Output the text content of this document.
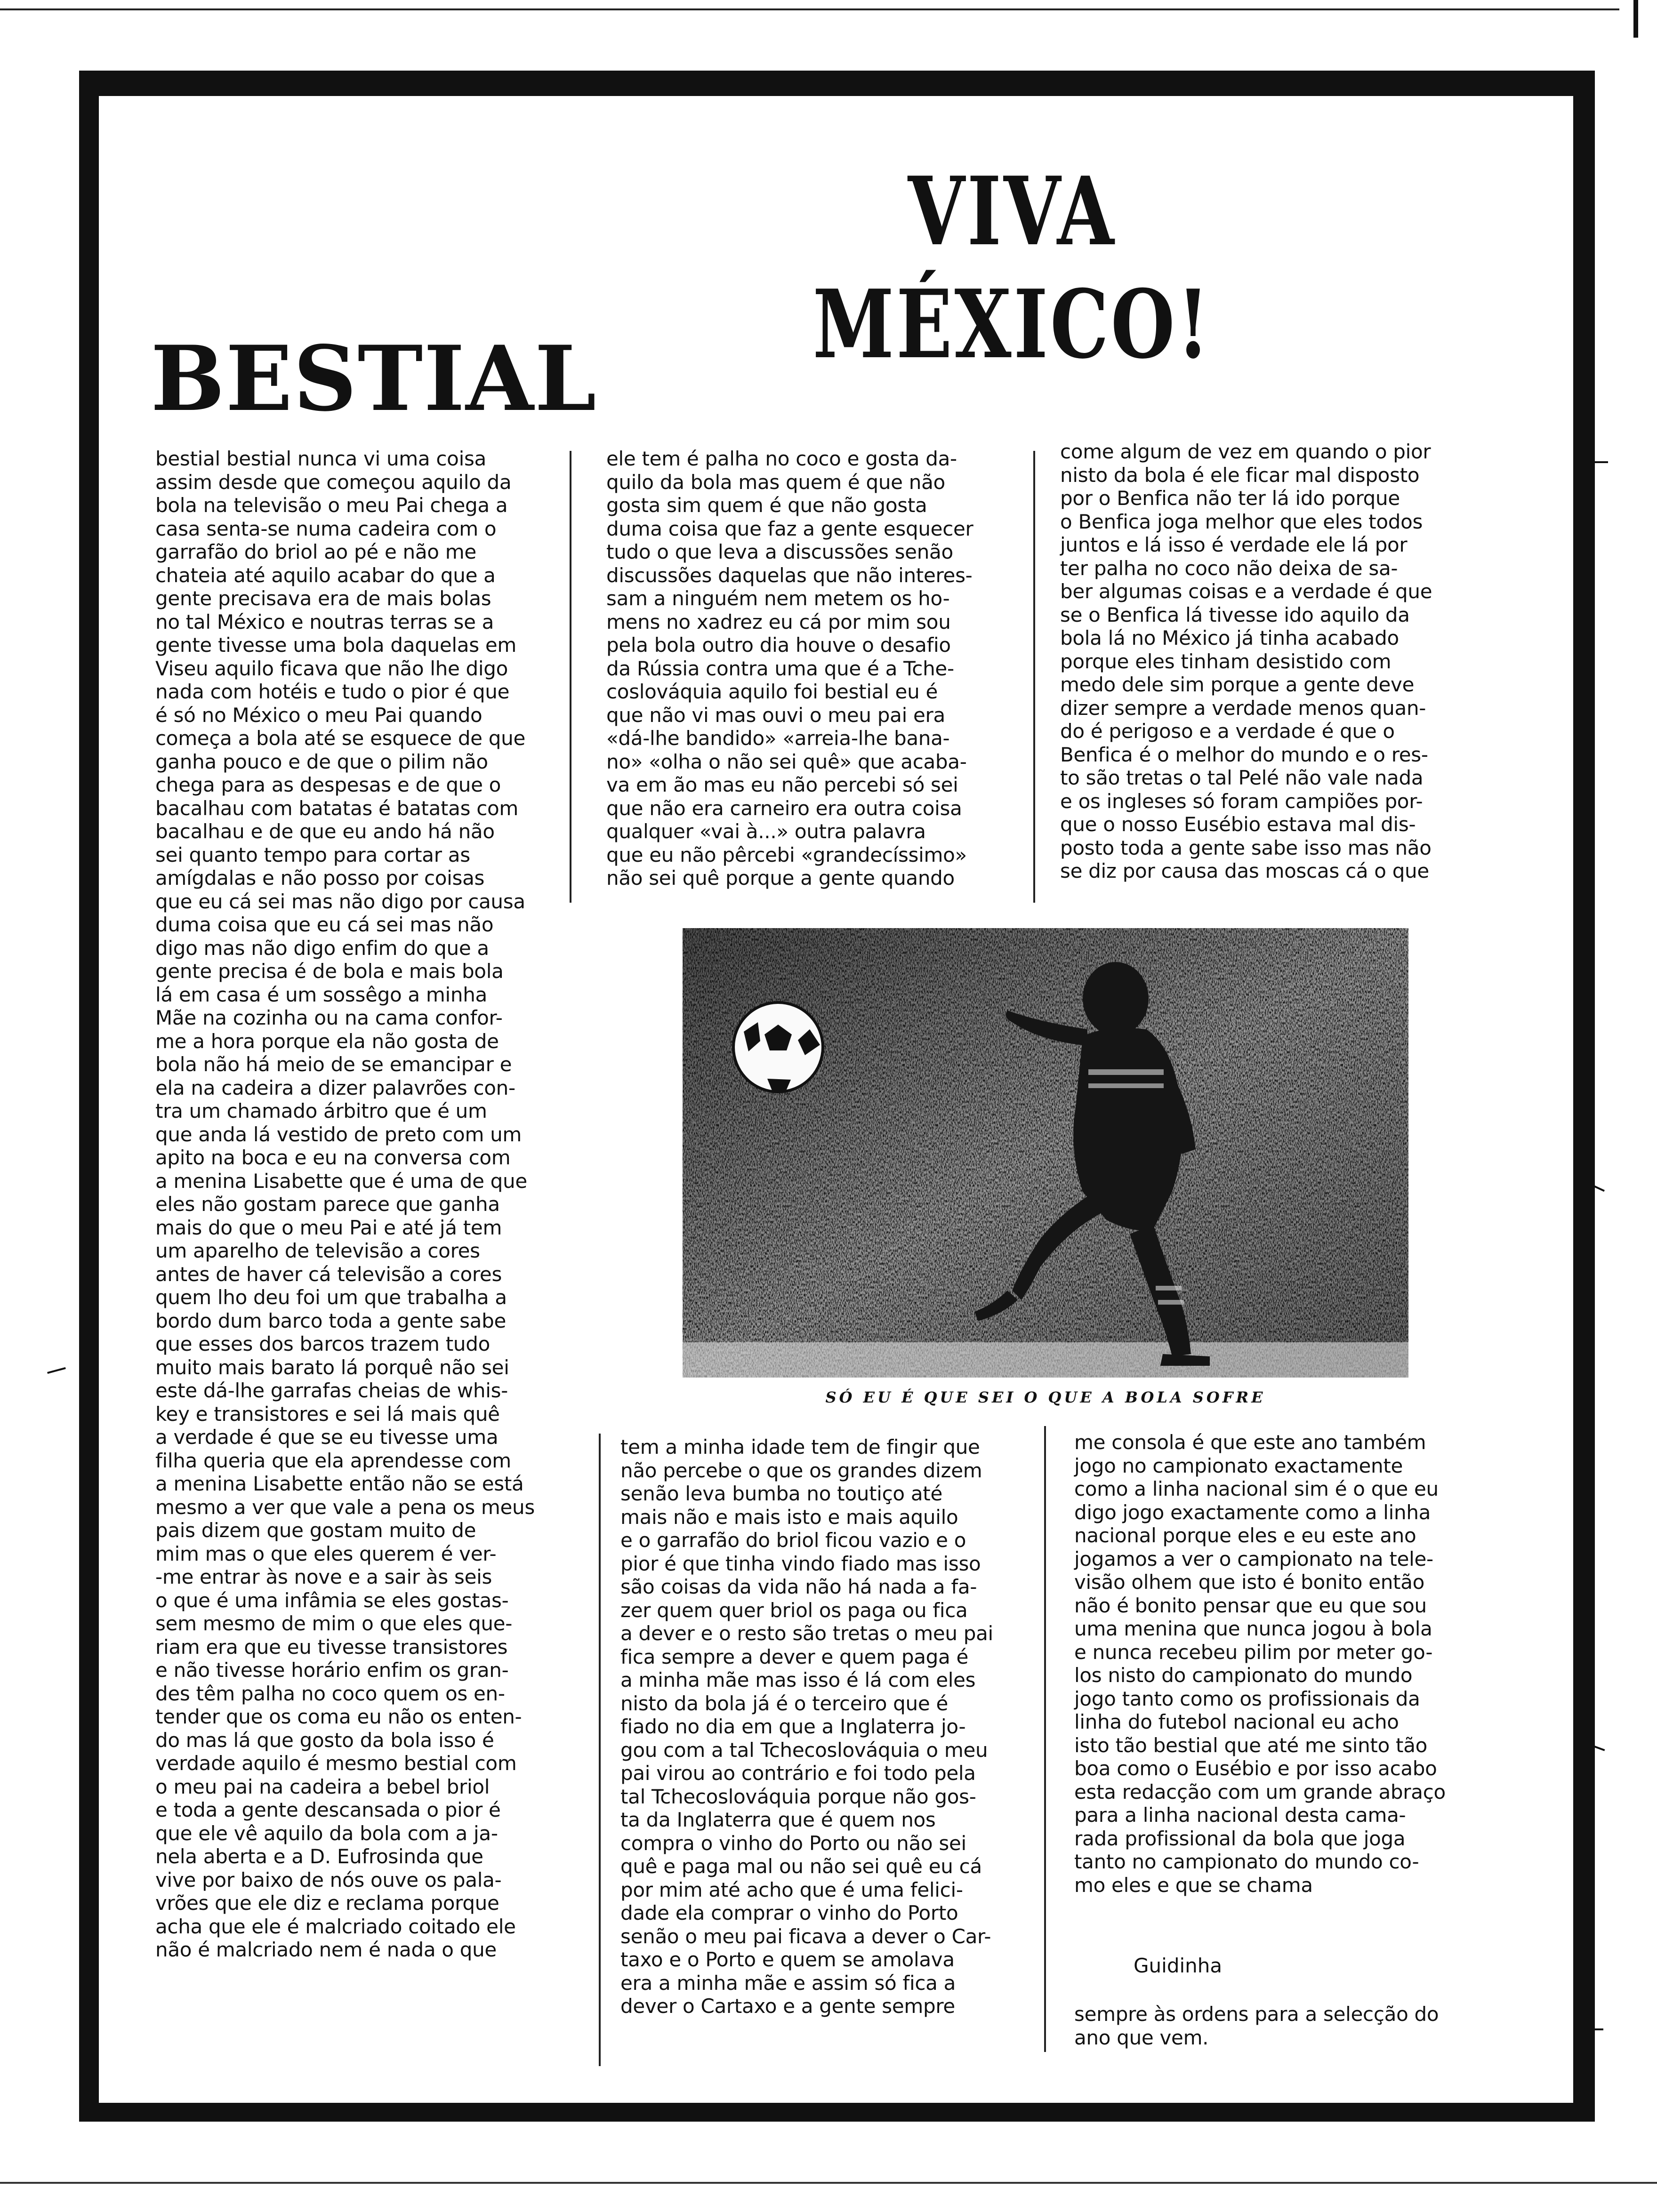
VIVA
MÉXICO!
BESTIAL
bestial bestial nunca vi uma coisa
assim desde que começou aquilo da
bola na televisão o meu Pai chega a
casa senta-se numa cadeira com o
garrafão do briol ao pé e não me
chateia até aquilo acabar do que a
gente precisava era de mais bolas
no tal México e noutras terras se a
gente tivesse uma bola daquelas em
Viseu aquilo ficava que não lhe digo
nada com hotéis e tudo o pior é que
é só no México o meu Pai quando
começa a bola até se esquece de que
ganha pouco e de que o pilim não
chega para as despesas e de que o
bacalhau com batatas é batatas com
bacalhau e de que eu ando há não
sei quanto tempo para cortar as
amígdalas e não posso por coisas
que eu cá sei mas não digo por causa
duma coisa que eu cá sei mas não
digo mas não digo enfim do que a
gente precisa é de bola e mais bola
lá em casa é um sossêgo a minha
Mãe na cozinha ou na cama confor-
me a hora porque ela não gosta de
bola não há meio de se emancipar e
ela na cadeira a dizer palavrões con-
tra um chamado árbitro que é um
que anda lá vestido de preto com um
apito na boca e eu na conversa com
a menina Lisabette que é uma de que
eles não gostam parece que ganha
mais do que o meu Pai e até já tem
um aparelho de televisão a cores
antes de haver cá televisão a cores
quem lho deu foi um que trabalha a
bordo dum barco toda a gente sabe
que esses dos barcos trazem tudo
muito mais barato lá porquê não sei
este dá-lhe garrafas cheias de whis-
key e transistores e sei lá mais quê
a verdade é que se eu tivesse uma
filha queria que ela aprendesse com
a menina Lisabette então não se está
mesmo a ver que vale a pena os meus
pais dizem que gostam muito de
mim mas o que eles querem é ver-
-me entrar às nove e a sair às seis
o que é uma infâmia se eles gostas-
sem mesmo de mim o que eles que-
riam era que eu tivesse transistores
e não tivesse horário enfim os gran-
des têm palha no coco quem os en-
tender que os coma eu não os enten-
do mas lá que gosto da bola isso é
verdade aquilo é mesmo bestial com
o meu pai na cadeira a bebel briol
e toda a gente descansada o pior é
que ele vê aquilo da bola com a ja-
nela aberta e a D. Eufrosinda que
vive por baixo de nós ouve os pala-
vrões que ele diz e reclama porque
acha que ele é malcriado coitado ele
não é malcriado nem é nada o que
ele tem é palha no coco e gosta da-
quilo da bola mas quem é que não
gosta sim quem é que não gosta
duma coisa que faz a gente esquecer
tudo o que leva a discussões senão
discussões daquelas que não interes-
sam a ninguém nem metem os ho-
mens no xadrez eu cá por mim sou
pela bola outro dia houve o desafio
da Rússia contra uma que é a Tche-
coslováquia aquilo foi bestial eu é
que não vi mas ouvi o meu pai era
«dá-lhe bandido» «arreia-lhe bana-
no» «olha o não sei quê» que acaba-
va em ão mas eu não percebi só sei
que não era carneiro era outra coisa
qualquer «vai à...» outra palavra
que eu não pêrcebi «grandecíssimo»
não sei quê porque a gente quando
come algum de vez em quando o pior
nisto da bola é ele ficar mal disposto
por o Benfica não ter lá ido porque
o Benfica joga melhor que eles todos
juntos e lá isso é verdade ele lá por
ter palha no coco não deixa de sa-
ber algumas coisas e a verdade é que
se o Benfica lá tivesse ido aquilo da
bola lá no México já tinha acabado
porque eles tinham desistido com
medo dele sim porque a gente deve
dizer sempre a verdade menos quan-
do é perigoso e a verdade é que o
Benfica é o melhor do mundo e o res-
to são tretas o tal Pelé não vale nada
e os ingleses só foram campiões por-
que o nosso Eusébio estava mal dis-
posto toda a gente sabe isso mas não
se diz por causa das moscas cá o que
tem a minha idade tem de fingir que
não percebe o que os grandes dizem
senão leva bumba no toutiço até
mais não e mais isto e mais aquilo
e o garrafão do briol ficou vazio e o
pior é que tinha vindo fiado mas isso
são coisas da vida não há nada a fa-
zer quem quer briol os paga ou fica
a dever e o resto são tretas o meu pai
fica sempre a dever e quem paga é
a minha mãe mas isso é lá com eles
nisto da bola já é o terceiro que é
fiado no dia em que a Inglaterra jo-
gou com a tal Tchecoslováquia o meu
pai virou ao contrário e foi todo pela
tal Tchecoslováquia porque não gos-
ta da Inglaterra que é quem nos
compra o vinho do Porto ou não sei
quê e paga mal ou não sei quê eu cá
por mim até acho que é uma felici-
dade ela comprar o vinho do Porto
senão o meu pai ficava a dever o Car-
taxo e o Porto e quem se amolava
era a minha mãe e assim só fica a
dever o Cartaxo e a gente sempre
me consola é que este ano também
jogo no campionato exactamente
como a linha nacional sim é o que eu
digo jogo exactamente como a linha
nacional porque eles e eu este ano
jogamos a ver o campionato na tele-
visão olhem que isto é bonito então
não é bonito pensar que eu que sou
uma menina que nunca jogou à bola
e nunca recebeu pilim por meter go-
los nisto do campionato do mundo
jogo tanto como os profissionais da
linha do futebol nacional eu acho
isto tão bestial que até me sinto tão
boa como o Eusébio e por isso acabo
esta redacção com um grande abraço
para a linha nacional desta cama-
rada profissional da bola que joga
tanto no campionato do mundo co-
mo eles e que se chama
Guidinha
sempre às ordens para a selecção do
ano que vem.
SÓ EU É QUE SEI O QUE A BOLA SOFRE
